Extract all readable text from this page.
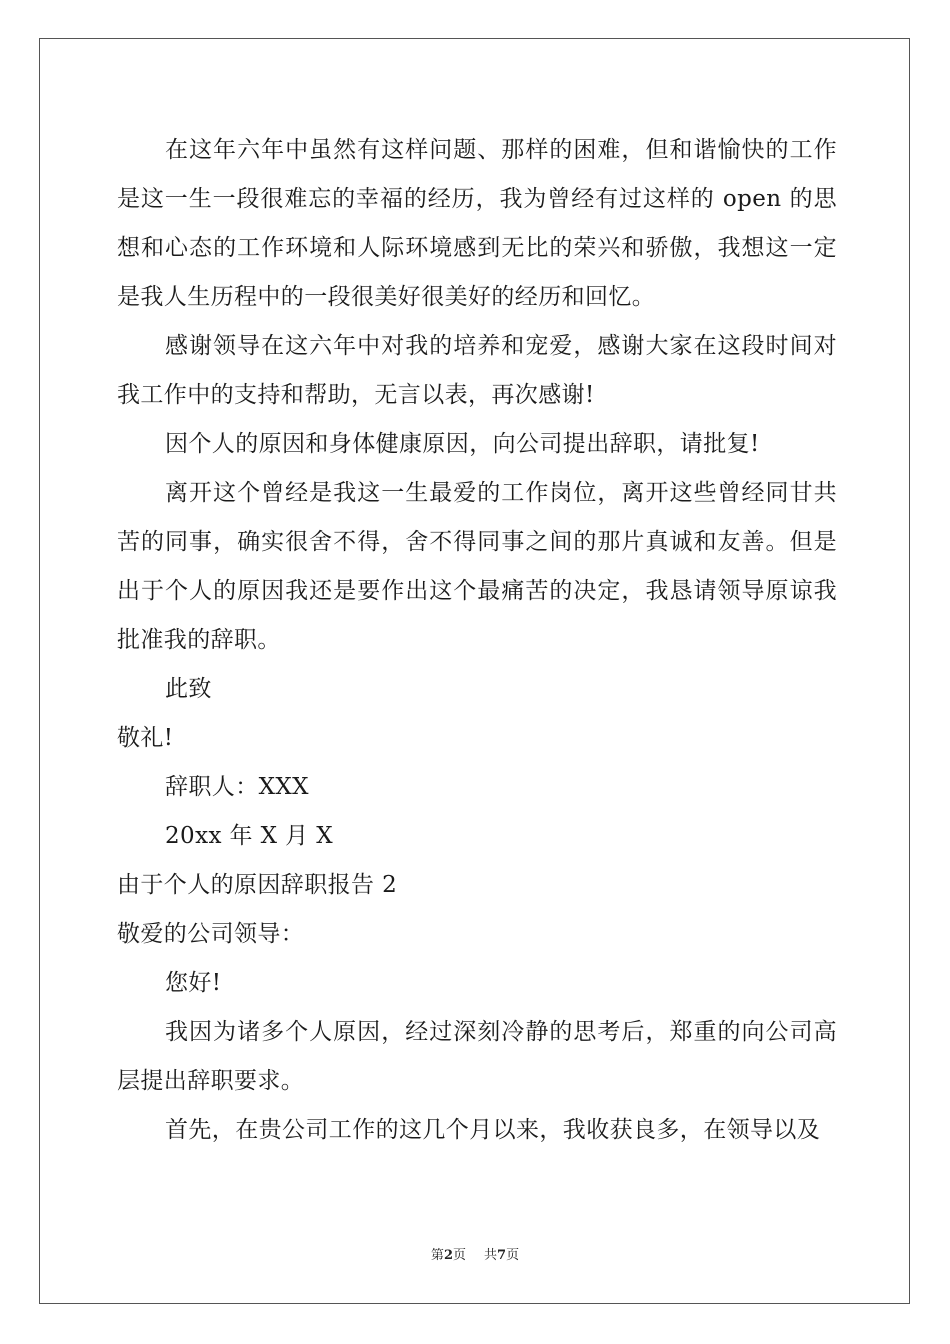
在这年六年中虽然有这样问题、那样的困难，但和谐愉快的工作是这一生一段很难忘的幸福的经历，我为曾经有过这样的 open 的思想和心态的工作环境和人际环境感到无比的荣兴和骄傲，我想这一定是我人生历程中的一段很美好很美好的经历和回忆。

感谢领导在这六年中对我的培养和宠爱，感谢大家在这段时间对我工作中的支持和帮助，无言以表，再次感谢!

因个人的原因和身体健康原因，向公司提出辞职，请批复!

离开这个曾经是我这一生最爱的工作岗位，离开这些曾经同甘共苦的同事，确实很舍不得，舍不得同事之间的那片真诚和友善。但是出于个人的原因我还是要作出这个最痛苦的决定，我恳请领导原谅我批准我的辞职。

此致

敬礼!

辞职人：XXX

20xx 年 X 月 X

由于个人的原因辞职报告 2

敬爱的公司领导：

您好!

我因为诸多个人原因，经过深刻冷静的思考后，郑重的向公司高层提出辞职要求。

首先，在贵公司工作的这几个月以来，我收获良多，在领导以及

第2页 共7页
